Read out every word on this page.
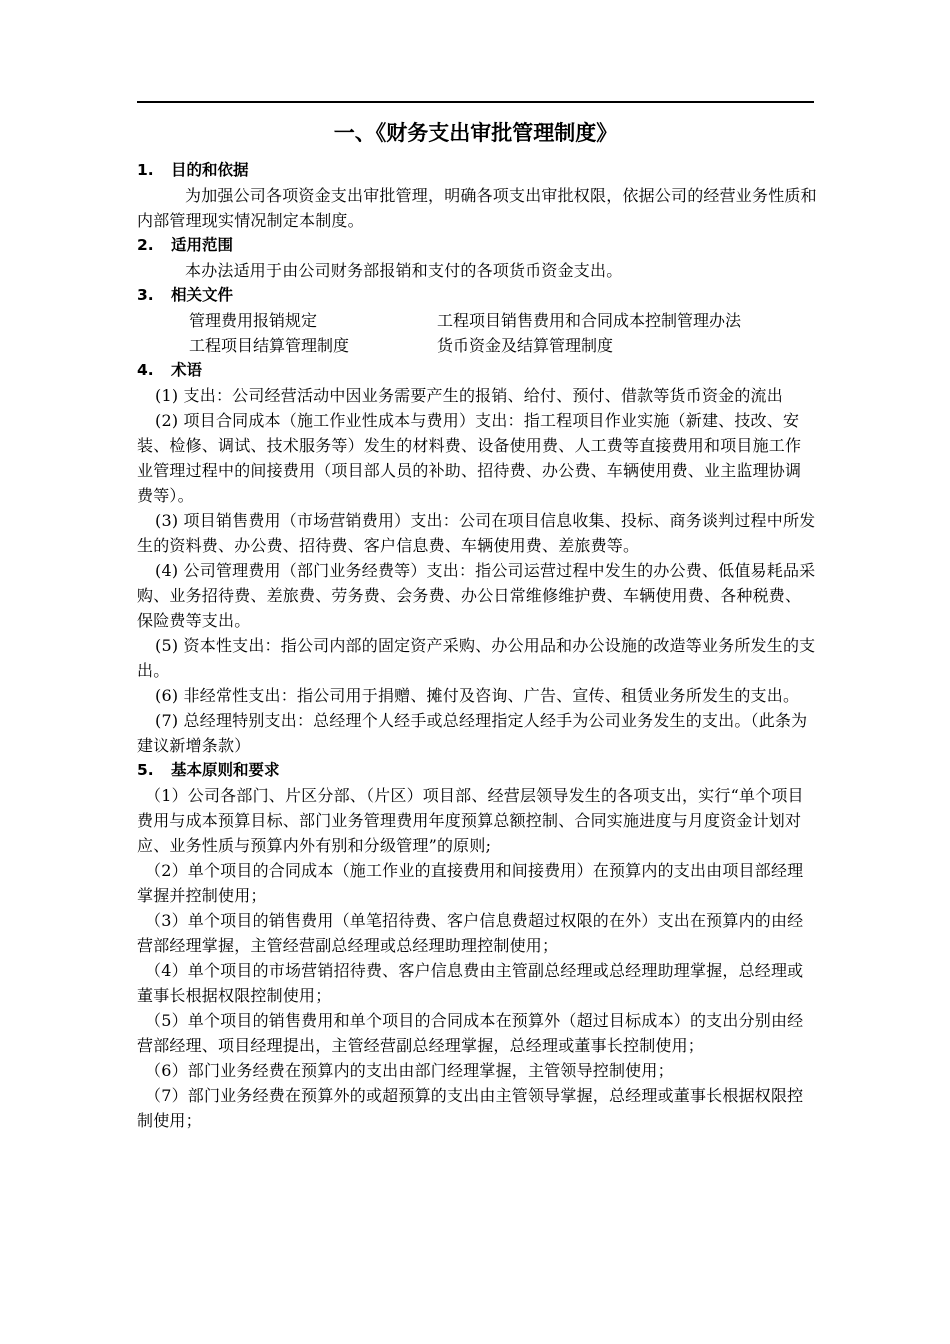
一、《财务支出审批管理制度》
1. 目的和依据
为加强公司各项资金支出审批管理，明确各项支出审批权限，依据公司的经营业务性质和内部管理现实情况制定本制度。
2. 适用范围
本办法适用于由公司财务部报销和支付的各项货币资金支出。
3. 相关文件
管理费用报销规定	工程项目销售费用和合同成本控制管理办法
工程项目结算管理制度	货币资金及结算管理制度
4. 术语
(1) 支出：公司经营活动中因业务需要产生的报销、给付、预付、借款等货币资金的流出
(2) 项目合同成本（施工作业性成本与费用）支出：指工程项目作业实施（新建、技改、安装、检修、调试、技术服务等）发生的材料费、设备使用费、人工费等直接费用和项目施工作业管理过程中的间接费用（项目部人员的补助、招待费、办公费、车辆使用费、业主监理协调费等）。
(3) 项目销售费用（市场营销费用）支出：公司在项目信息收集、投标、商务谈判过程中所发生的资料费、办公费、招待费、客户信息费、车辆使用费、差旅费等。
(4) 公司管理费用（部门业务经费等）支出：指公司运营过程中发生的办公费、低值易耗品采购、业务招待费、差旅费、劳务费、会务费、办公日常维修维护费、车辆使用费、各种税费、保险费等支出。
(5) 资本性支出：指公司内部的固定资产采购、办公用品和办公设施的改造等业务所发生的支出。
(6) 非经常性支出：指公司用于捐赠、摊付及咨询、广告、宣传、租赁业务所发生的支出。
(7) 总经理特别支出：总经理个人经手或总经理指定人经手为公司业务发生的支出。（此条为建议新增条款）
5. 基本原则和要求
（1）公司各部门、片区分部、（片区）项目部、经营层领导发生的各项支出，实行“单个项目费用与成本预算目标、部门业务管理费用年度预算总额控制、合同实施进度与月度资金计划对应、业务性质与预算内外有别和分级管理”的原则;
（2）单个项目的合同成本（施工作业的直接费用和间接费用）在预算内的支出由项目部经理掌握并控制使用；
（3）单个项目的销售费用（单笔招待费、客户信息费超过权限的在外）支出在预算内的由经营部经理掌握，主管经营副总经理或总经理助理控制使用；
（4）单个项目的市场营销招待费、客户信息费由主管副总经理或总经理助理掌握，总经理或董事长根据权限控制使用；
（5）单个项目的销售费用和单个项目的合同成本在预算外（超过目标成本）的支出分别由经营部经理、项目经理提出，主管经营副总经理掌握，总经理或董事长控制使用；
（6）部门业务经费在预算内的支出由部门经理掌握，主管领导控制使用；
（7）部门业务经费在预算外的或超预算的支出由主管领导掌握，总经理或董事长根据权限控制使用；
